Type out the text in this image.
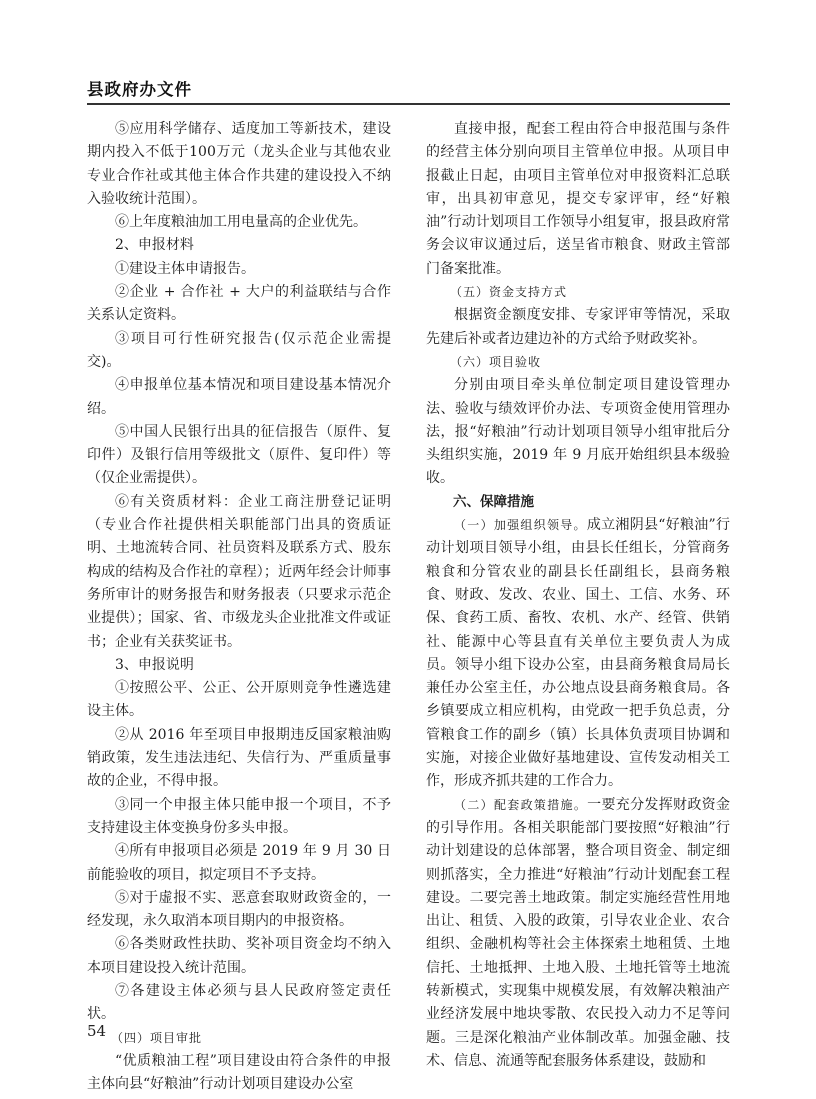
县政府办文件

⑤应用科学储存、适度加工等新技术，建设期内投入不低于100万元（龙头企业与其他农业专业合作社或其他主体合作共建的建设投入不纳入验收统计范围）。

⑥上年度粮油加工用电量高的企业优先。

2、申报材料

①建设主体申请报告。

②企业 + 合作社 + 大户的利益联结与合作关系认定资料。

③项目可行性研究报告(仅示范企业需提交)。

④申报单位基本情况和项目建设基本情况介绍。

⑤中国人民银行出具的征信报告（原件、复印件）及银行信用等级批文（原件、复印件）等（仅企业需提供）。

⑥有关资质材料：企业工商注册登记证明（专业合作社提供相关职能部门出具的资质证明、土地流转合同、社员资料及联系方式、股东构成的结构及合作社的章程）；近两年经会计师事务所审计的财务报告和财务报表（只要求示范企业提供）；国家、省、市级龙头企业批准文件或证书；企业有关获奖证书。

3、申报说明

①按照公平、公正、公开原则竞争性遴选建设主体。

②从 2016 年至项目申报期违反国家粮油购销政策，发生违法违纪、失信行为、严重质量事故的企业，不得申报。

③同一个申报主体只能申报一个项目，不予支持建设主体变换身份多头申报。

④所有申报项目必须是 2019 年 9 月 30 日前能验收的项目，拟定项目不予支持。

⑤对于虚报不实、恶意套取财政资金的，一经发现，永久取消本项目期内的申报资格。

⑥各类财政性扶助、奖补项目资金均不纳入本项目建设投入统计范围。

⑦各建设主体必须与县人民政府签定责任状。

（四）项目审批

“优质粮油工程”项目建设由符合条件的申报主体向县“好粮油”行动计划项目建设办公室

直接申报，配套工程由符合申报范围与条件的经营主体分别向项目主管单位申报。从项目申报截止日起，由项目主管单位对申报资料汇总联审，出具初审意见，提交专家评审，经“好粮油”行动计划项目工作领导小组复审，报县政府常务会议审议通过后，送呈省市粮食、财政主管部门备案批准。

（五）资金支持方式

根据资金额度安排、专家评审等情况，采取先建后补或者边建边补的方式给予财政奖补。

（六）项目验收

分别由项目牵头单位制定项目建设管理办法、验收与绩效评价办法、专项资金使用管理办法，报“好粮油”行动计划项目领导小组审批后分头组织实施，2019 年 9 月底开始组织县本级验收。

六、保障措施

（一）加强组织领导。成立湘阴县“好粮油”行动计划项目领导小组，由县长任组长，分管商务粮食和分管农业的副县长任副组长，县商务粮食、财政、发改、农业、国土、工信、水务、环保、食药工质、畜牧、农机、水产、经管、供销社、能源中心等县直有关单位主要负责人为成员。领导小组下设办公室，由县商务粮食局局长兼任办公室主任，办公地点设县商务粮食局。各乡镇要成立相应机构，由党政一把手负总责，分管粮食工作的副乡（镇）长具体负责项目协调和实施，对接企业做好基地建设、宣传发动相关工作，形成齐抓共建的工作合力。

（二）配套政策措施。一要充分发挥财政资金的引导作用。各相关职能部门要按照“好粮油”行动计划建设的总体部署，整合项目资金、制定细则抓落实，全力推进“好粮油”行动计划配套工程建设。二要完善土地政策。制定实施经营性用地出让、租赁、入股的政策，引导农业企业、农合组织、金融机构等社会主体探索土地租赁、土地信托、土地抵押、土地入股、土地托管等土地流转新模式，实现集中规模发展，有效解决粮油产业经济发展中地块零散、农民投入动力不足等问题。三是深化粮油产业体制改革。加强金融、技术、信息、流通等配套服务体系建设，鼓励和

54
